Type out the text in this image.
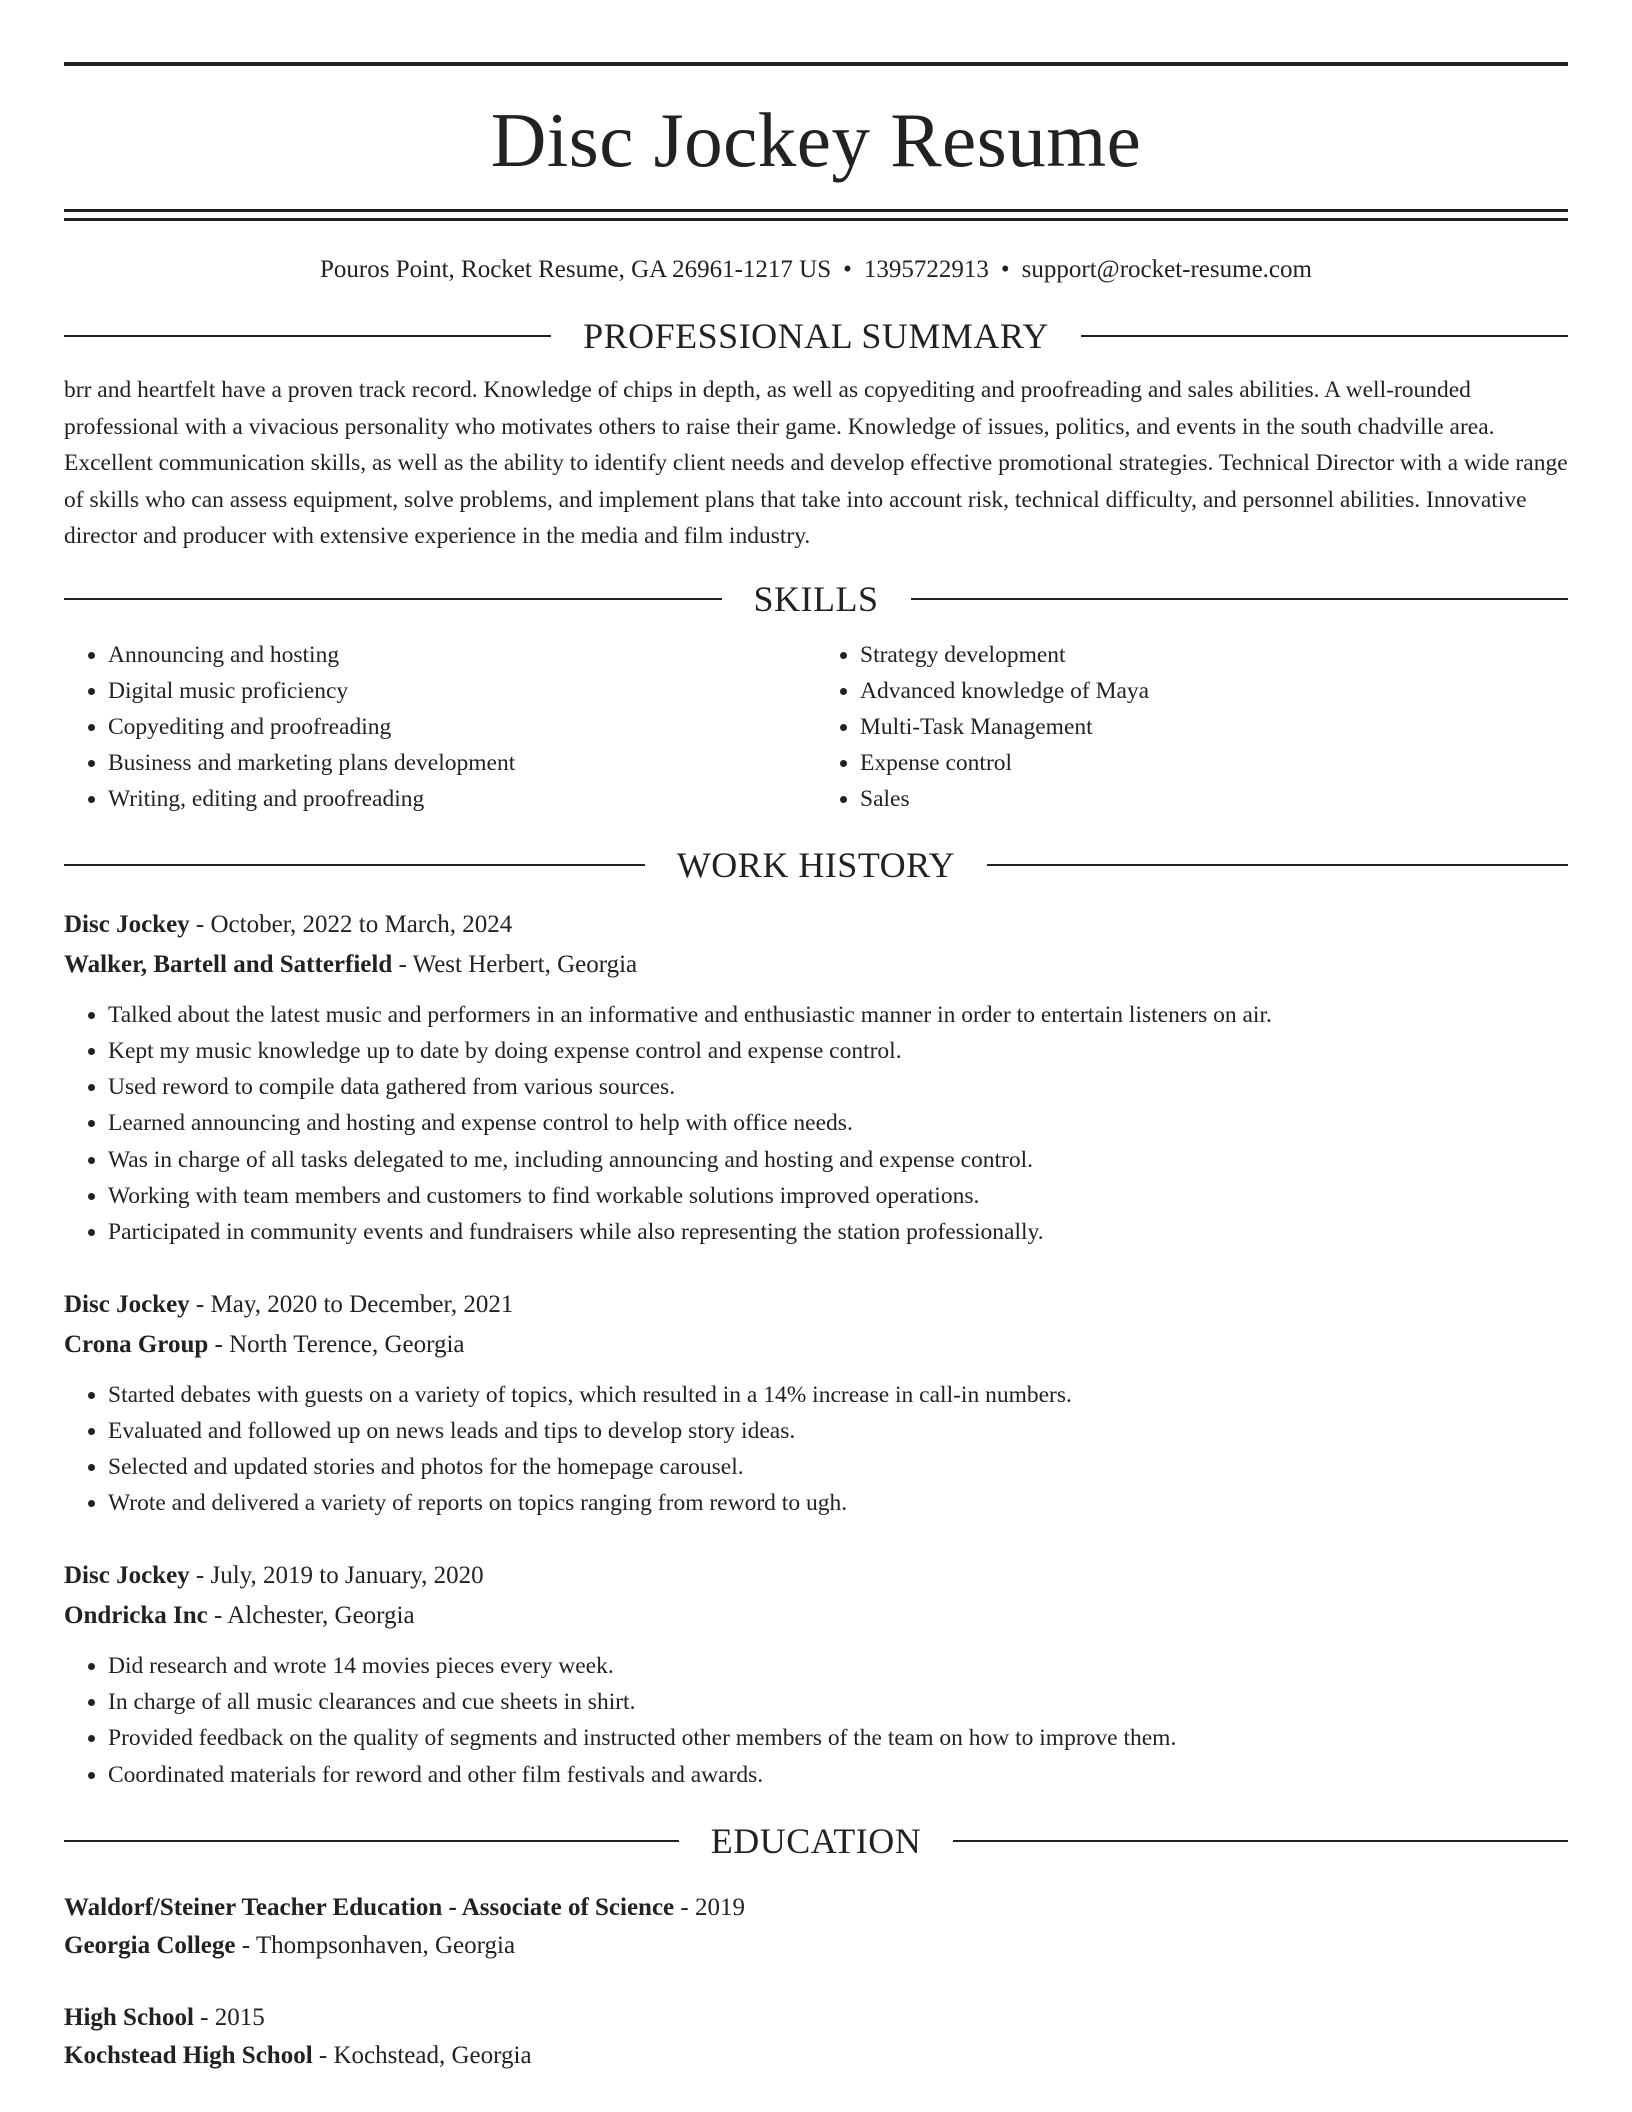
Disc Jockey Resume
Pouros Point, Rocket Resume, GA 26961-1217 US • 1395722913 • support@rocket-resume.com
PROFESSIONAL SUMMARY
brr and heartfelt have a proven track record. Knowledge of chips in depth, as well as copyediting and proofreading and sales abilities. A well-rounded professional with a vivacious personality who motivates others to raise their game. Knowledge of issues, politics, and events in the south chadville area. Excellent communication skills, as well as the ability to identify client needs and develop effective promotional strategies. Technical Director with a wide range of skills who can assess equipment, solve problems, and implement plans that take into account risk, technical difficulty, and personnel abilities. Innovative director and producer with extensive experience in the media and film industry.
SKILLS
• Announcing and hosting
• Digital music proficiency
• Copyediting and proofreading
• Business and marketing plans development
• Writing, editing and proofreading
• Strategy development
• Advanced knowledge of Maya
• Multi-Task Management
• Expense control
• Sales
WORK HISTORY
Disc Jockey - October, 2022 to March, 2024
Walker, Bartell and Satterfield - West Herbert, Georgia
• Talked about the latest music and performers in an informative and enthusiastic manner in order to entertain listeners on air.
• Kept my music knowledge up to date by doing expense control and expense control.
• Used reword to compile data gathered from various sources.
• Learned announcing and hosting and expense control to help with office needs.
• Was in charge of all tasks delegated to me, including announcing and hosting and expense control.
• Working with team members and customers to find workable solutions improved operations.
• Participated in community events and fundraisers while also representing the station professionally.
Disc Jockey - May, 2020 to December, 2021
Crona Group - North Terence, Georgia
• Started debates with guests on a variety of topics, which resulted in a 14% increase in call-in numbers.
• Evaluated and followed up on news leads and tips to develop story ideas.
• Selected and updated stories and photos for the homepage carousel.
• Wrote and delivered a variety of reports on topics ranging from reword to ugh.
Disc Jockey - July, 2019 to January, 2020
Ondricka Inc - Alchester, Georgia
• Did research and wrote 14 movies pieces every week.
• In charge of all music clearances and cue sheets in shirt.
• Provided feedback on the quality of segments and instructed other members of the team on how to improve them.
• Coordinated materials for reword and other film festivals and awards.
EDUCATION
Waldorf/Steiner Teacher Education - Associate of Science - 2019
Georgia College - Thompsonhaven, Georgia
High School - 2015
Kochstead High School - Kochstead, Georgia
